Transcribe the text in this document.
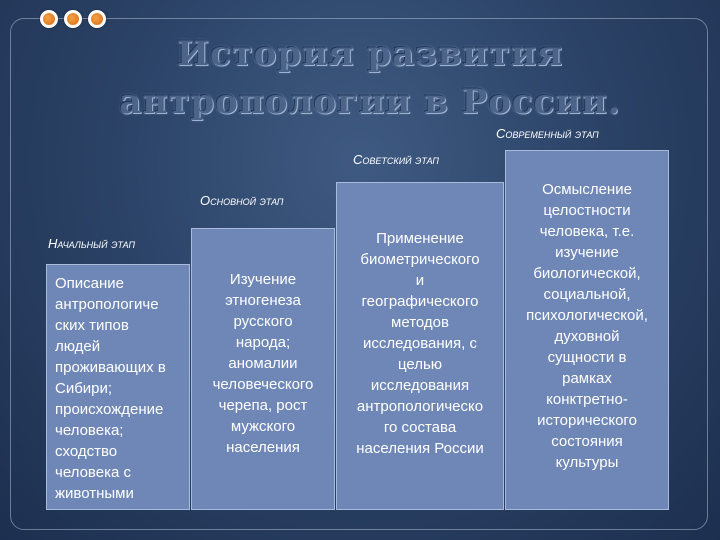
История развития антропологии в России.
Начальный этап
Основной этап
Советский этап
Современный этап
Описание
антропологиче
ских типов
людей
проживающих в
Сибири;
происхождение
человека;
сходство
человека с
животными
Изучение
этногенеза
русского
народа;
аномалии
человеческого
черепа, рост
мужского
населения
Применение
биометрического
и
географического
методов
исследования, с
целью
исследования
антропологическо
го состава
населения России
Осмысление
целостности
человека, т.е.
изучение
биологической,
социальной,
психологической,
духовной
сущности в
рамках
конктретно-
исторического
состояния
культуры
